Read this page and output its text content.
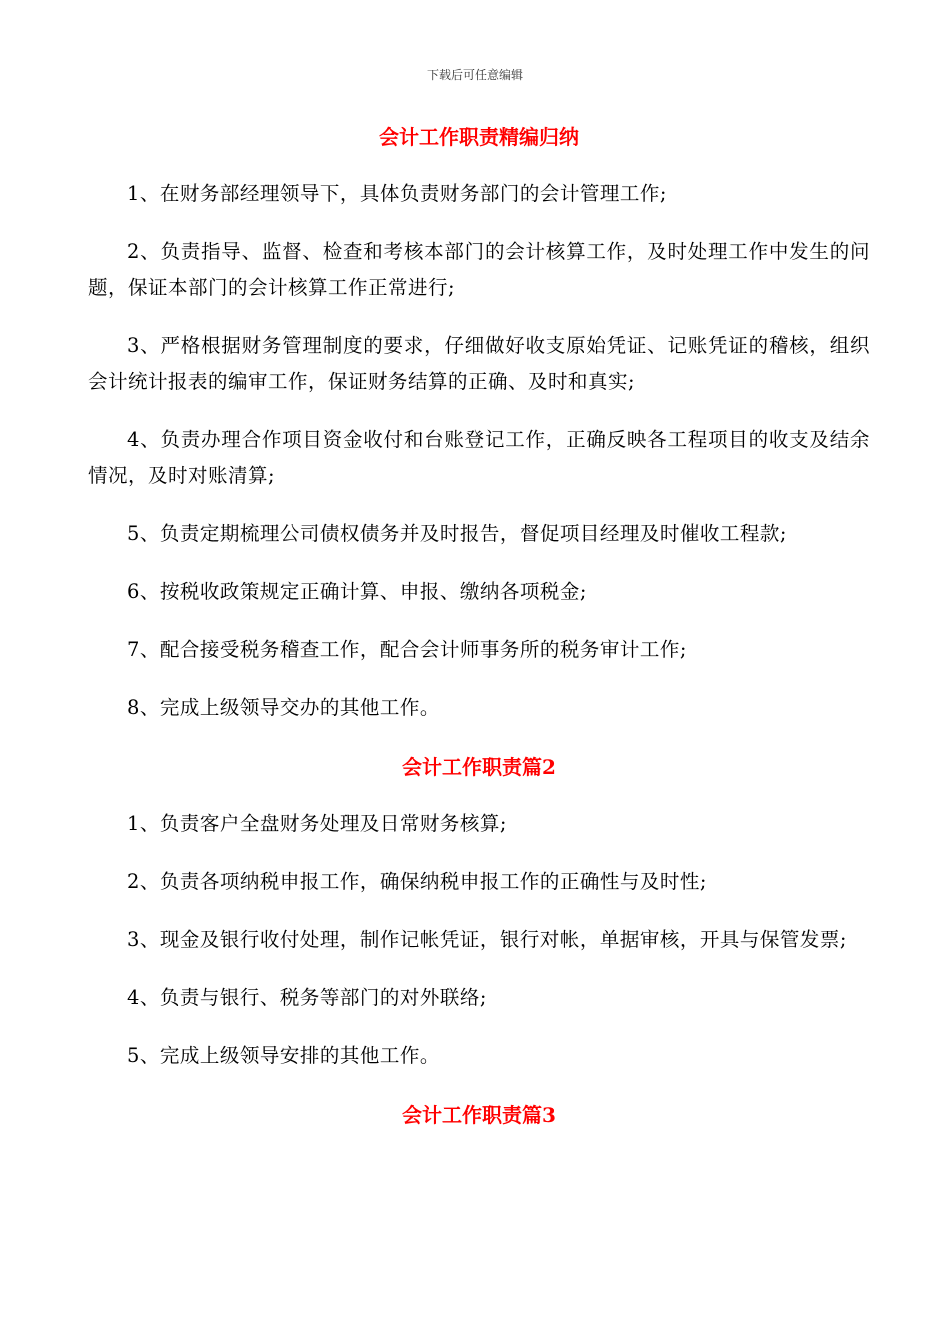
下载后可任意编辑
会计工作职责精编归纳

1、在财务部经理领导下，具体负责财务部门的会计管理工作;

2、负责指导、监督、检查和考核本部门的会计核算工作，及时处理工作中发生的问题，保证本部门的会计核算工作正常进行;

3、严格根据财务管理制度的要求，仔细做好收支原始凭证、记账凭证的稽核，组织会计统计报表的编审工作，保证财务结算的正确、及时和真实;

4、负责办理合作项目资金收付和台账登记工作，正确反映各工程项目的收支及结余情况，及时对账清算;

5、负责定期梳理公司债权债务并及时报告，督促项目经理及时催收工程款;

6、按税收政策规定正确计算、申报、缴纳各项税金;

7、配合接受税务稽查工作，配合会计师事务所的税务审计工作;

8、完成上级领导交办的其他工作。

会计工作职责篇2

1、负责客户全盘财务处理及日常财务核算;

2、负责各项纳税申报工作，确保纳税申报工作的正确性与及时性;

3、现金及银行收付处理，制作记帐凭证，银行对帐，单据审核，开具与保管发票;

4、负责与银行、税务等部门的对外联络;

5、完成上级领导安排的其他工作。

会计工作职责篇3
